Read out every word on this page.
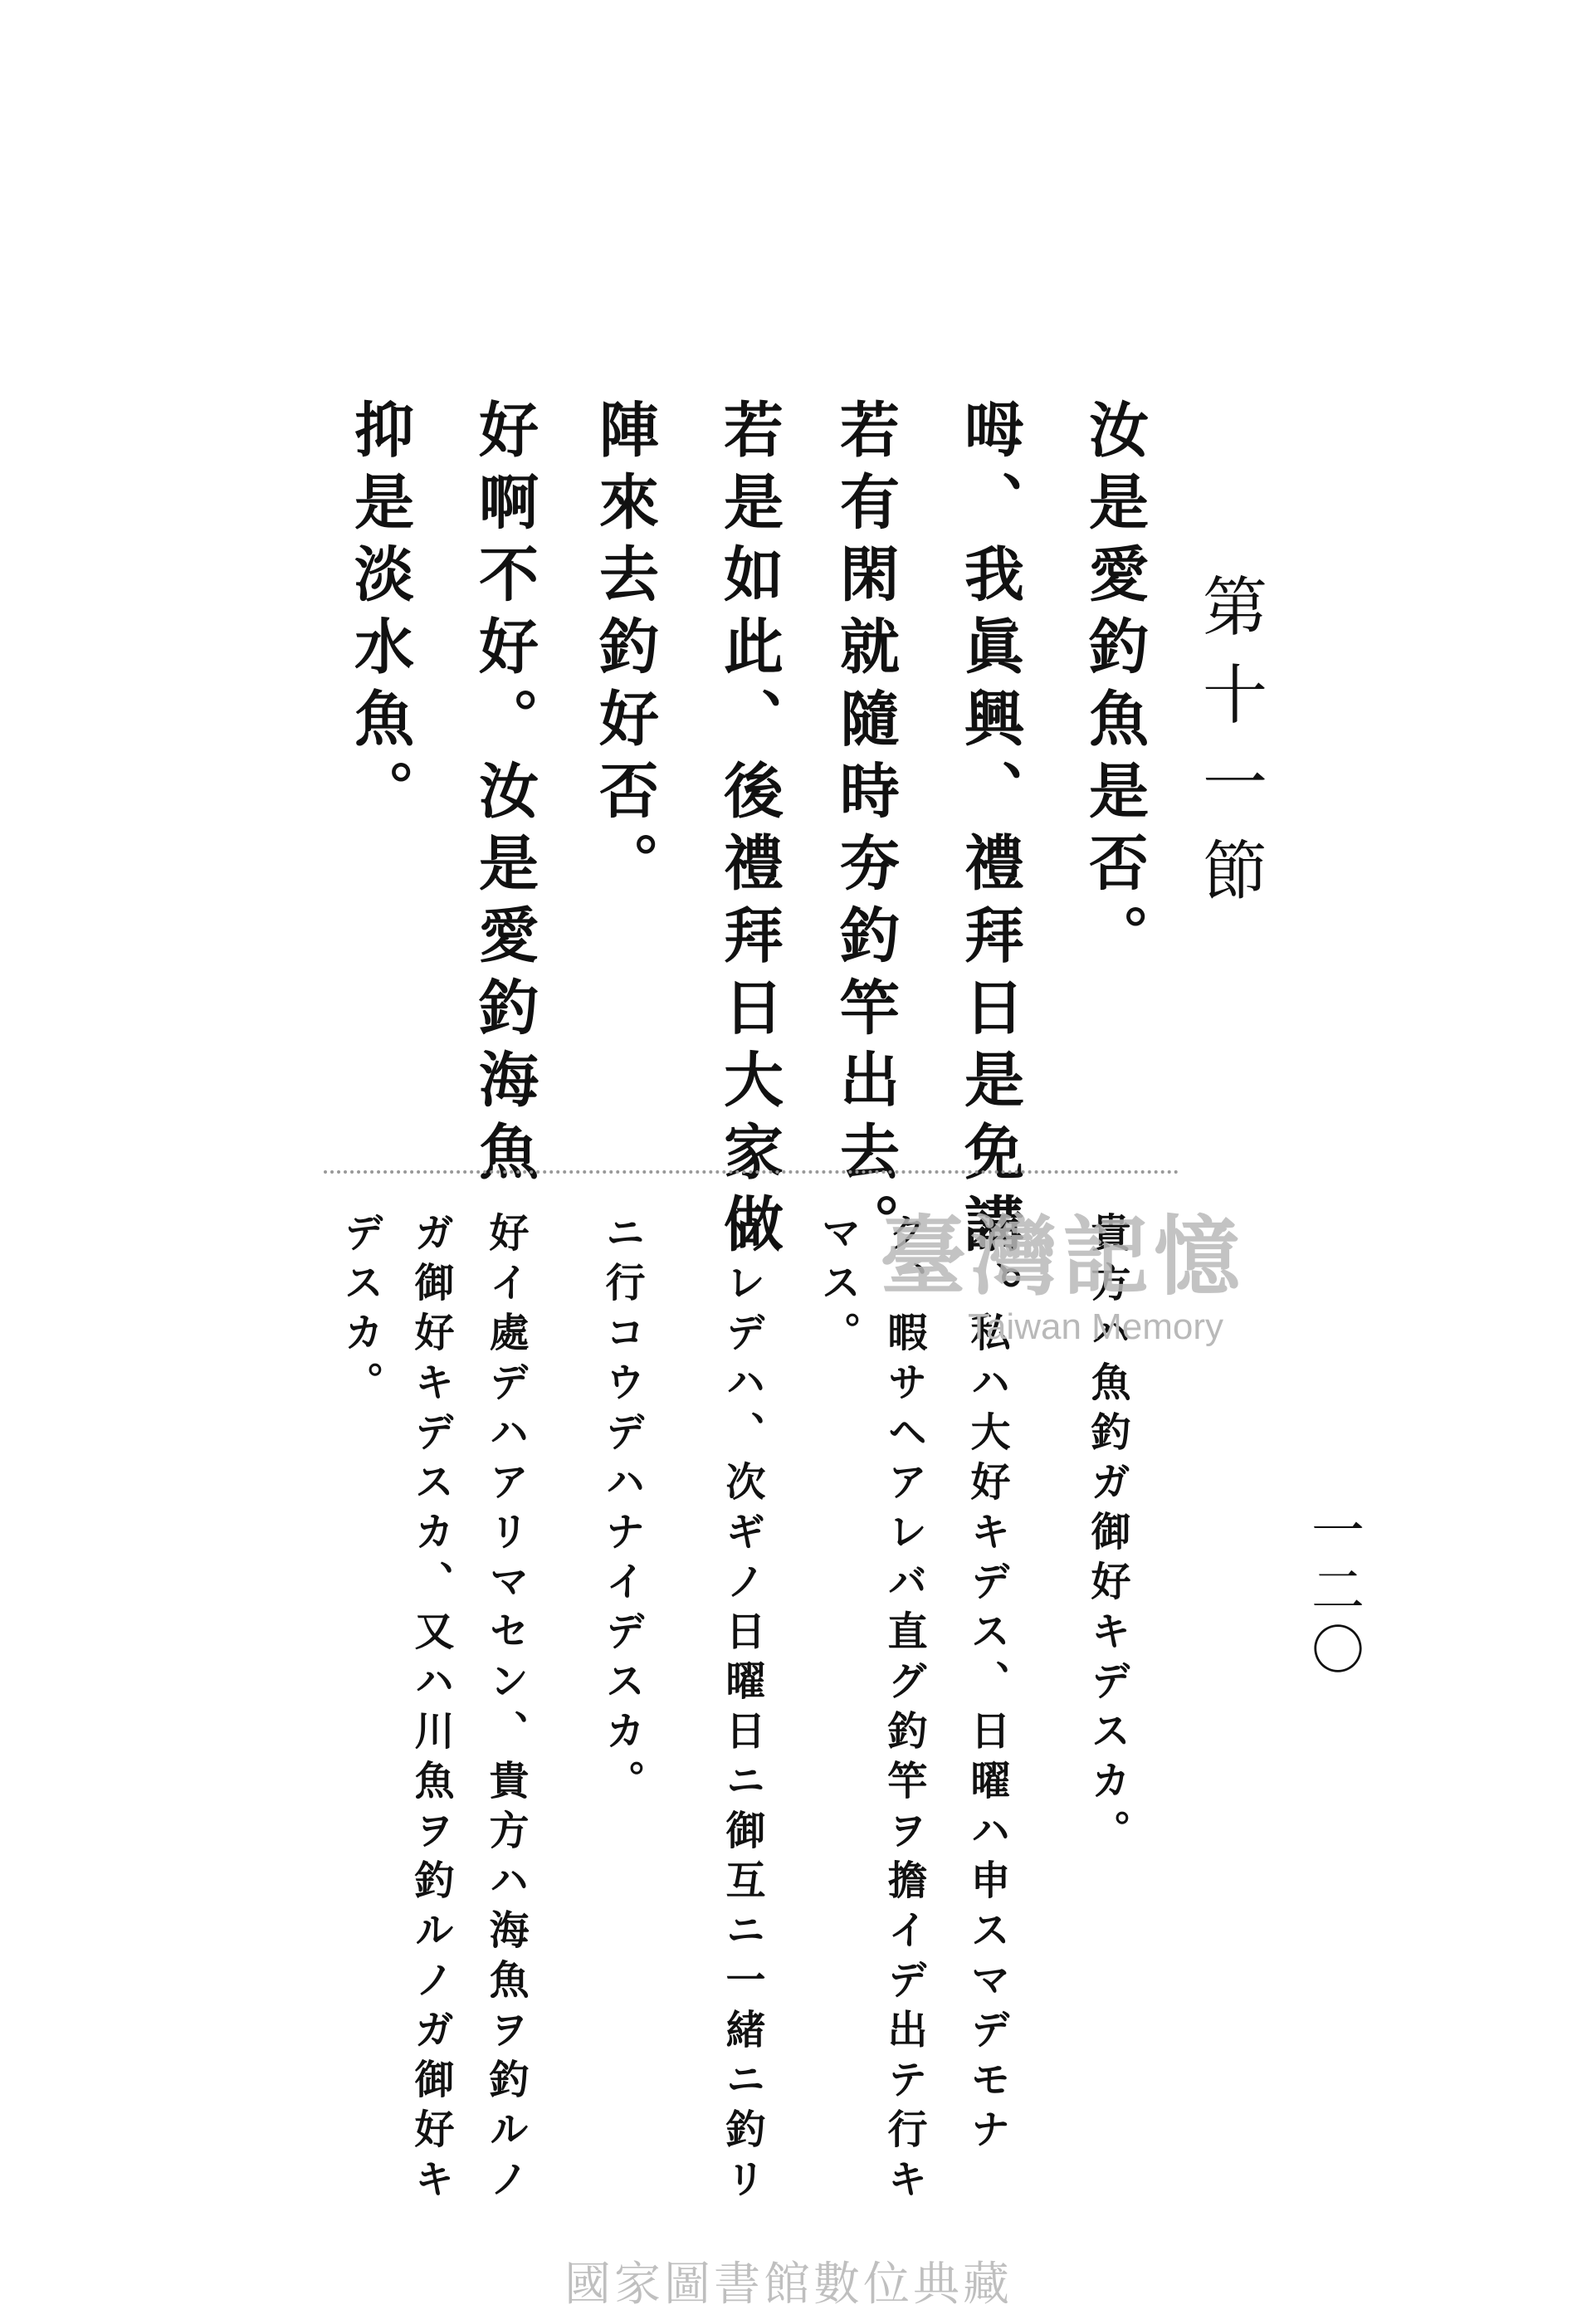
第十一節
一二〇
汝是愛釣魚是否。
呣、我眞興、禮拜日是免講。
若有閑就隨時夯釣竿出去。
若是如此、後禮拜日大家做
陣來去釣好否。
好啊不好。汝是愛釣海魚
抑是淡水魚。
貴方ハ魚釣ガ御好キデスカ。
ハ、私ハ大好キデス、日曜ハ申スマデモナ
ク、暇サヘアレバ直グ釣竿ヲ擔イデ出テ行キ
マス。
ソレデハ、次ギノ日曜日ニ御互ニ一緒ニ釣リ
ニ行コウデハナイデスカ。
好イ處デハアリマセン、貴方ハ海魚ヲ釣ルノ
ガ御好キデスカ、又ハ川魚ヲ釣ルノガ御好キ
デスカ。	臺灣記憶
Taiwan Memory
國家圖書館數位典藏
